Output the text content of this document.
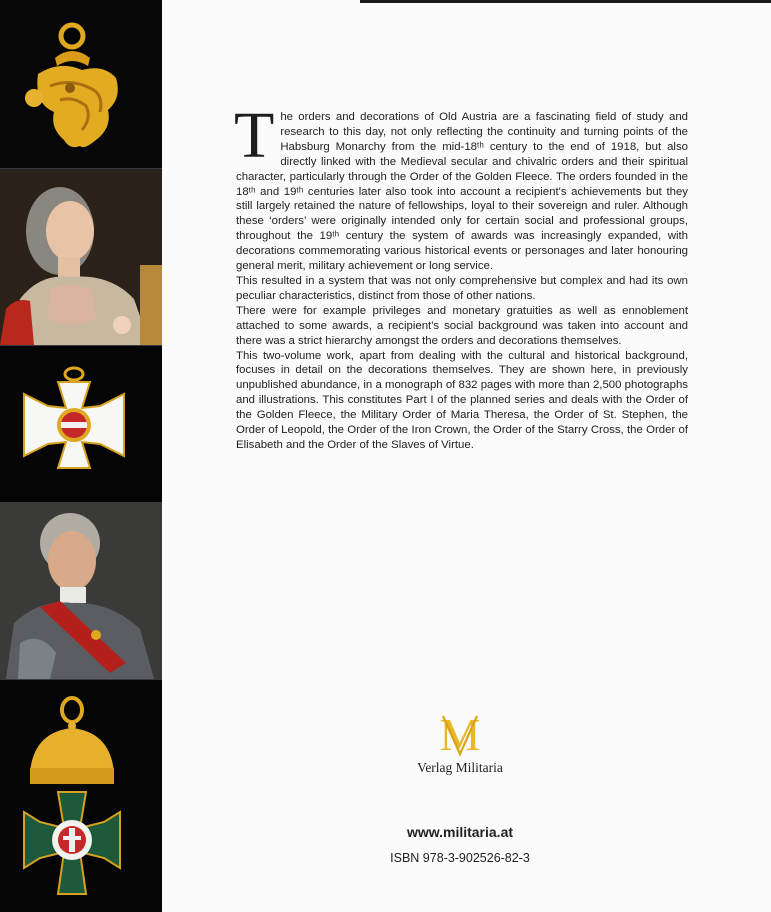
The orders and decorations of Old Austria are a fascinating field of study and research to this day, not only reflecting the continuity and turning points of the Habsburg Monarchy from the mid-18ᵗʰ century to the end of 1918, but also directly linked with the Medieval secular and chivalric orders and their spiritual character, particularly through the Order of the Golden Fleece. The orders founded in the 18ᵗʰ and 19ᵗʰ centuries later also took into account a recipient's achievements but they still largely retained the nature of fellowships, loyal to their sovereign and ruler. Although these ‘orders’ were originally intended only for certain social and professional groups, throughout the 19ᵗʰ century the system of awards was increasingly expanded, with decorations commemorating various historical events or personages and later honouring general merit, military achievement or long service.

This resulted in a system that was not only comprehensive but complex and had its own peculiar characteristics, distinct from those of other nations.

There were for example privileges and monetary gratuities as well as ennoblement attached to some awards, a recipient's social background was taken into account and there was a strict hierarchy amongst the orders and decorations themselves.

This two-volume work, apart from dealing with the cultural and historical background, focuses in detail on the decorations themselves. They are shown here, in previously unpublished abundance, in a monograph of 832 pages with more than 2,500 photographs and illustrations. This constitutes Part I of the planned series and deals with the Order of the Golden Fleece, the Military Order of Maria Theresa, the Order of St. Stephen, the Order of Leopold, the Order of the Iron Crown, the Order of the Starry Cross, the Order of Elisabeth and the Order of the Slaves of Virtue.

M
Verlag Militaria
www.militaria.at
ISBN 978-3-902526-82-3
